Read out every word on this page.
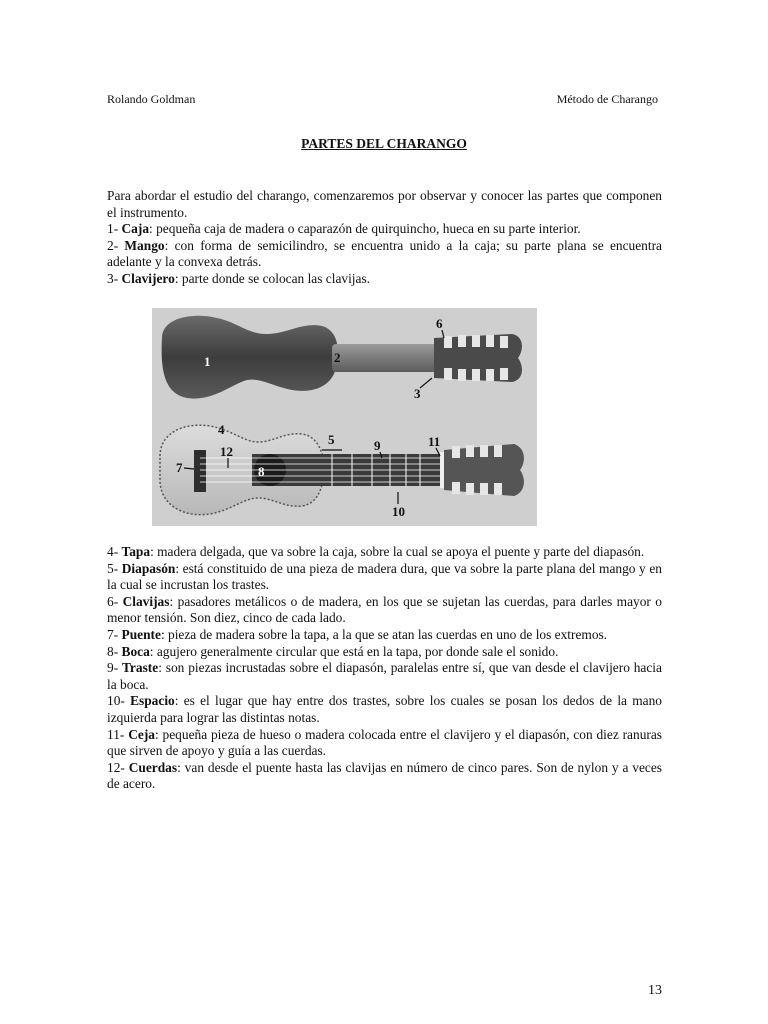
Rolando Goldman	Método de Charango
PARTES DEL CHARANGO

Para abordar el estudio del charango, comenzaremos por observar y conocer las partes que componen el instrumento.

1- Caja: pequeña caja de madera o caparazón de quirquincho, hueca en su parte interior.

2- Mango: con forma de semicilindro, se encuentra unido a la caja; su parte plana se encuentra adelante y la convexa detrás.

3- Clavijero: parte donde se colocan las clavijas.

1	2
6
3
4
12
7	8
5	9	11
10

4- Tapa: madera delgada, que va sobre la caja, sobre la cual se apoya el puente y parte del diapasón.

5- Diapasón: está constituido de una pieza de madera dura, que va sobre la parte plana del mango y en la cual se incrustan los trastes.

6- Clavijas: pasadores metálicos o de madera, en los que se sujetan las cuerdas, para darles mayor o menor tensión. Son diez, cinco de cada lado.

7- Puente: pieza de madera sobre la tapa, a la que se atan las cuerdas en uno de los extremos.

8- Boca: agujero generalmente circular que está en la tapa, por donde sale el sonido.

9- Traste: son piezas incrustadas sobre el diapasón, paralelas entre sí, que van desde el clavijero hacia la boca.

10- Espacio: es el lugar que hay entre dos trastes, sobre los cuales se posan los dedos de la mano izquierda para lograr las distintas notas.

11- Ceja: pequeña pieza de hueso o madera colocada entre el clavijero y el diapasón, con diez ranuras que sirven de apoyo y guía a las cuerdas.

12- Cuerdas: van desde el puente hasta las clavijas en número de cinco pares. Son de nylon y a veces de acero.

13
